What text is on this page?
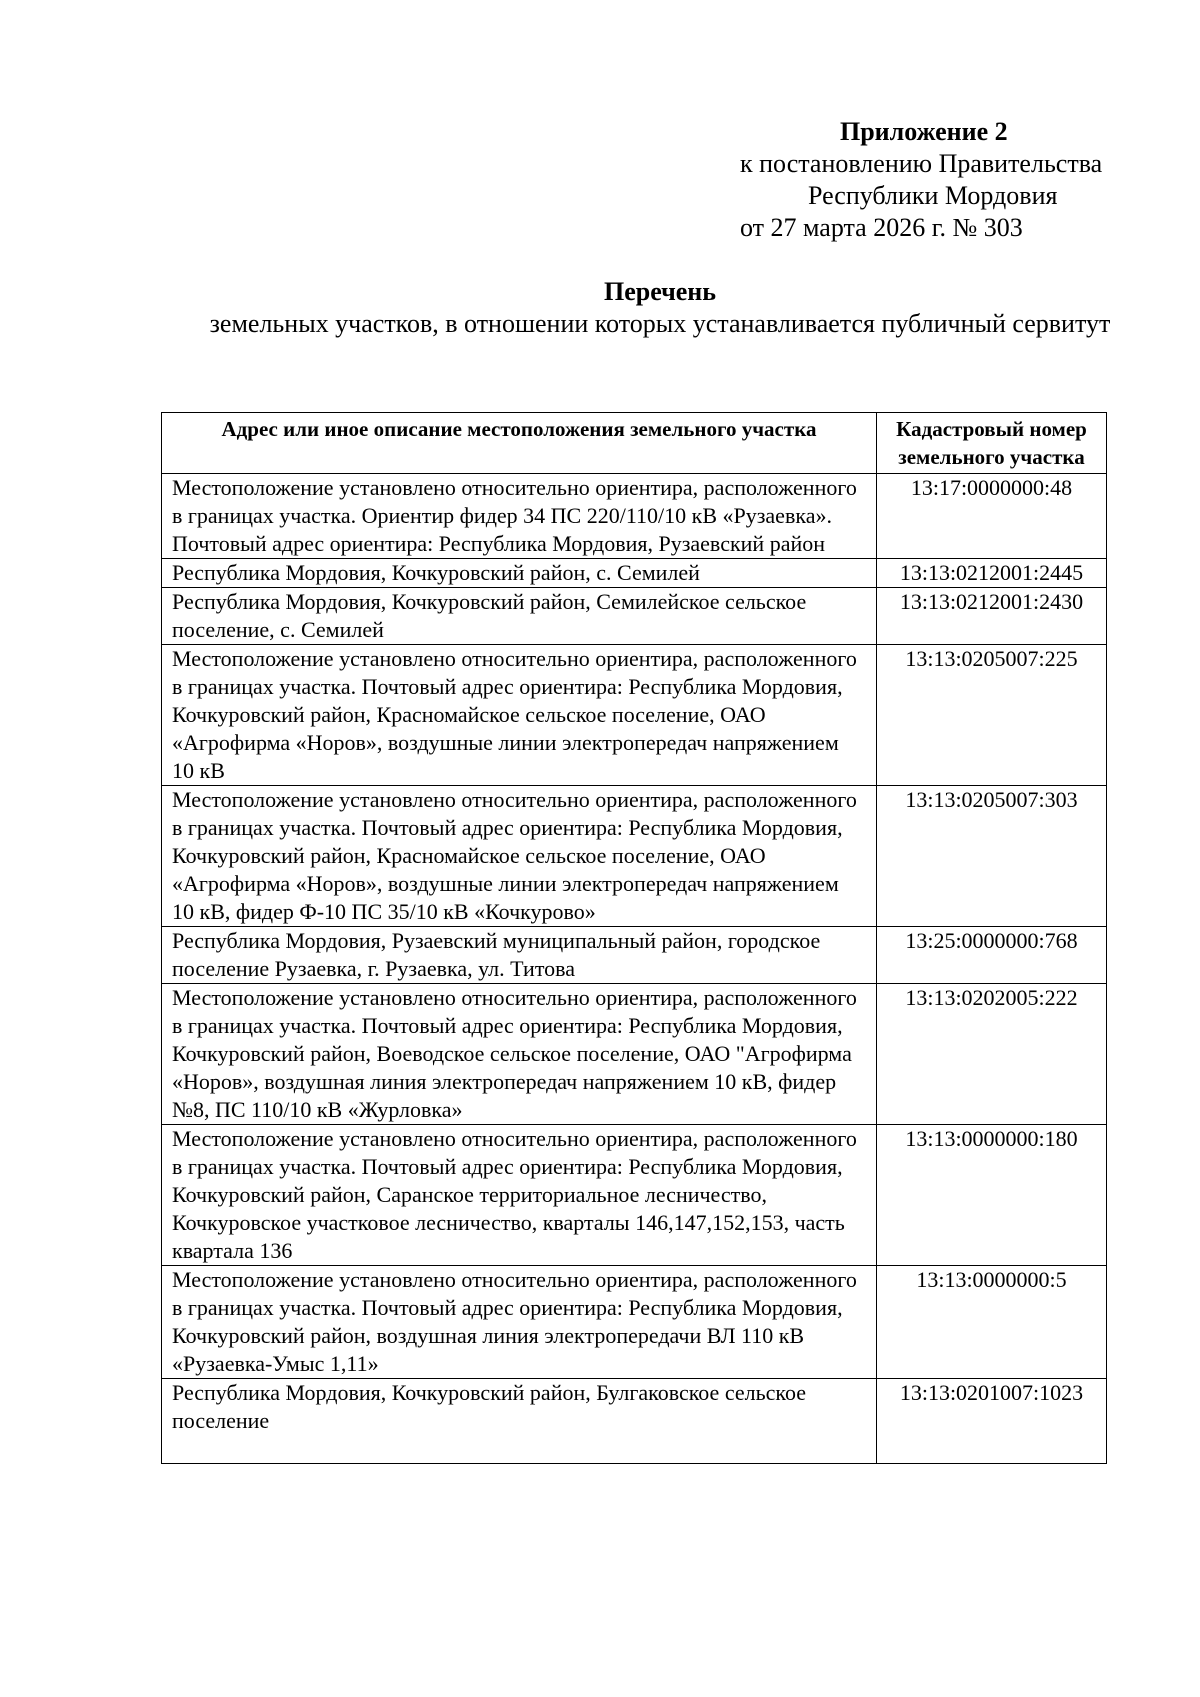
Приложение 2
к постановлению Правительства
Республики Мордовия
от 27 марта 2026 г. № 303
Перечень
земельных участков, в отношении которых устанавливается публичный сервитут
Адрес или иное описание местоположения земельного участка	Кадастровый номер земельного участка
Местоположение установлено относительно ориентира, расположенного в границах участка. Ориентир фидер 34 ПС 220/110/10 кВ «Рузаевка». Почтовый адрес ориентира: Республика Мордовия, Рузаевский район	13:17:0000000:48
Республика Мордовия, Кочкуровский район, с. Семилей	13:13:0212001:2445
Республика Мордовия, Кочкуровский район, Семилейское сельское поселение, с. Семилей	13:13:0212001:2430
Местоположение установлено относительно ориентира, расположенного в границах участка. Почтовый адрес ориентира: Республика Мордовия, Кочкуровский район, Красномайское сельское поселение, ОАО «Агрофирма «Норов», воздушные линии электропередач напряжением 10 кВ	13:13:0205007:225
Местоположение установлено относительно ориентира, расположенного в границах участка. Почтовый адрес ориентира: Республика Мордовия, Кочкуровский район, Красномайское сельское поселение, ОАО «Агрофирма «Норов», воздушные линии электропередач напряжением 10 кВ, фидер Ф-10 ПС 35/10 кВ «Кочкурово»	13:13:0205007:303
Республика Мордовия, Рузаевский муниципальный район, городское поселение Рузаевка, г. Рузаевка, ул. Титова	13:25:0000000:768
Местоположение установлено относительно ориентира, расположенного в границах участка. Почтовый адрес ориентира: Республика Мордовия, Кочкуровский район, Воеводское сельское поселение, ОАО "Агрофирма «Норов», воздушная линия электропередач напряжением 10 кВ, фидер №8, ПС 110/10 кВ «Журловка»	13:13:0202005:222
Местоположение установлено относительно ориентира, расположенного в границах участка. Почтовый адрес ориентира: Республика Мордовия, Кочкуровский район, Саранское территориальное лесничество, Кочкуровское участковое лесничество, кварталы 146,147,152,153, часть квартала 136	13:13:0000000:180
Местоположение установлено относительно ориентира, расположенного в границах участка. Почтовый адрес ориентира: Республика Мордовия, Кочкуровский район, воздушная линия электропередачи ВЛ 110 кВ «Рузаевка-Умыс 1,11»	13:13:0000000:5
Республика Мордовия, Кочкуровский район, Булгаковское сельское поселение	13:13:0201007:1023
